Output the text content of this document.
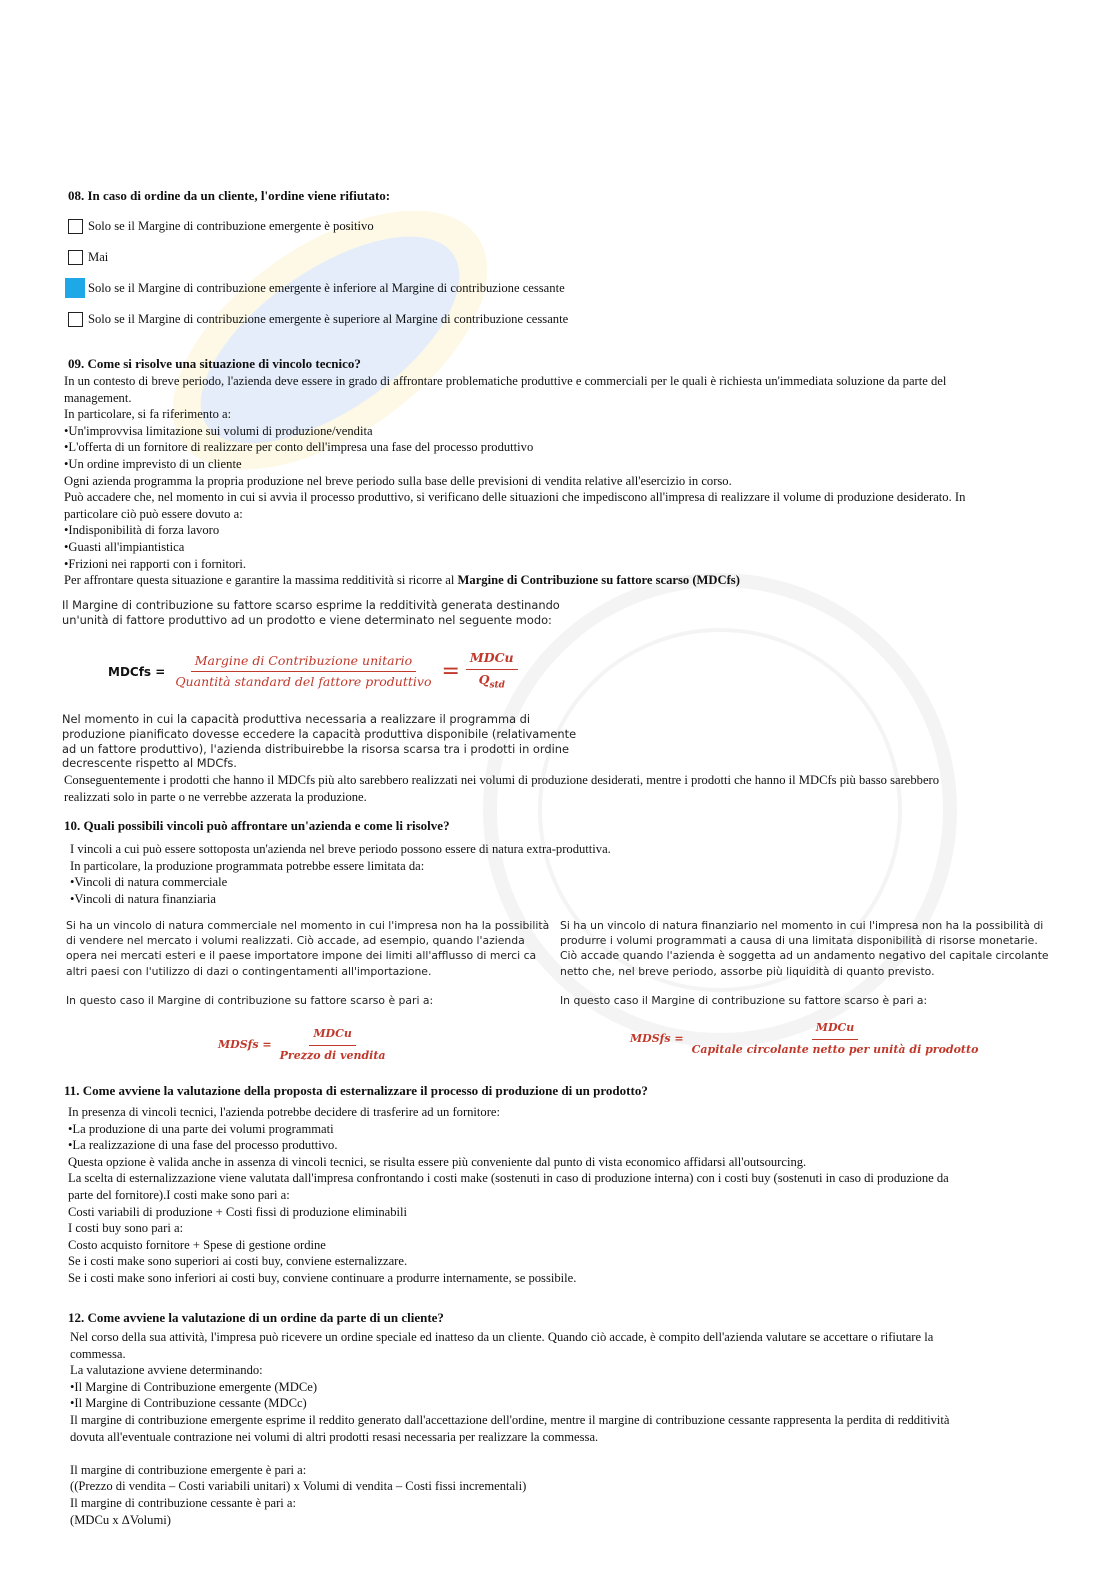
08. In caso di ordine da un cliente, l'ordine viene rifiutato:
Solo se il Margine di contribuzione emergente è positivo
Mai
Solo se il Margine di contribuzione emergente è inferiore al Margine di contribuzione cessante
Solo se il Margine di contribuzione emergente è superiore al Margine di contribuzione cessante
09. Come si risolve una situazione di vincolo tecnico?
In un contesto di breve periodo, l'azienda deve essere in grado di affrontare problematiche produttive e commerciali per le quali è richiesta un'immediata soluzione da parte del
management.
In particolare, si fa riferimento a:
•Un'improvvisa limitazione sui volumi di produzione/vendita
•L'offerta di un fornitore di realizzare per conto dell'impresa una fase del processo produttivo
•Un ordine imprevisto di un cliente
Ogni azienda programma la propria produzione nel breve periodo sulla base delle previsioni di vendita relative all'esercizio in corso.
Può accadere che, nel momento in cui si avvia il processo produttivo, si verificano delle situazioni che impediscono all'impresa di realizzare il volume di produzione desiderato. In
particolare ciò può essere dovuto a:
•Indisponibilità di forza lavoro
•Guasti all'impiantistica
•Frizioni nei rapporti con i fornitori.
Per affrontare questa situazione e garantire la massima redditività si ricorre al Margine di Contribuzione su fattore scarso (MDCfs)
Il Margine di contribuzione su fattore scarso esprime la redditività generata destinando
un'unità di fattore produttivo ad un prodotto e viene determinato nel seguente modo:
MDCfs = $\frac{\text{Margine di Contribuzione unitario}}{\text{Quantità standard del fattore produttivo}} = \frac{\text{MDCu}}{Q_{std}}$
Nel momento in cui la capacità produttiva necessaria a realizzare il programma di
produzione pianificato dovesse eccedere la capacità produttiva disponibile (relativamente
ad un fattore produttivo), l'azienda distribuirebbe la risorsa scarsa tra i prodotti in ordine
decrescente rispetto al MDCfs.
Conseguentemente i prodotti che hanno il MDCfs più alto sarebbero realizzati nei volumi di produzione desiderati, mentre i prodotti che hanno il MDCfs più basso sarebbero
realizzati solo in parte o ne verrebbe azzerata la produzione.
10. Quali possibili vincoli può affrontare un'azienda e come li risolve?
I vincoli a cui può essere sottoposta un'azienda nel breve periodo possono essere di natura extra-produttiva.
In particolare, la produzione programmata potrebbe essere limitata da:
•Vincoli di natura commerciale
•Vincoli di natura finanziaria
Si ha un vincolo di natura commerciale nel momento in cui l'impresa non ha la possibilità
di vendere nel mercato i volumi realizzati. Ciò accade, ad esempio, quando l'azienda
opera nei mercati esteri e il paese importatore impone dei limiti all'afflusso di merci ca
altri paesi con l'utilizzo di dazi o contingentamenti all'importazione.
In questo caso il Margine di contribuzione su fattore scarso è pari a:
MDSfs = $\frac{\text{MDCu}}{\text{Prezzo di vendita}}$
Si ha un vincolo di natura finanziario nel momento in cui l'impresa non ha la possibilità di
produrre i volumi programmati a causa di una limitata disponibilità di risorse monetarie.
Ciò accade quando l'azienda è soggetta ad un andamento negativo del capitale circolante
netto che, nel breve periodo, assorbe più liquidità di quanto previsto.
In questo caso il Margine di contribuzione su fattore scarso è pari a:
MDSfs = $\frac{\text{MDCu}}{\text{Capitale circolante netto per unità di prodotto}}$
11. Come avviene la valutazione della proposta di esternalizzare il processo di produzione di un prodotto?
In presenza di vincoli tecnici, l'azienda potrebbe decidere di trasferire ad un fornitore:
•La produzione di una parte dei volumi programmati
•La realizzazione di una fase del processo produttivo.
Questa opzione è valida anche in assenza di vincoli tecnici, se risulta essere più conveniente dal punto di vista economico affidarsi all'outsourcing.
La scelta di esternalizzazione viene valutata dall'impresa confrontando i costi make (sostenuti in caso di produzione interna) con i costi buy (sostenuti in caso di produzione da
parte del fornitore).I costi make sono pari a:
Costi variabili di produzione + Costi fissi di produzione eliminabili
I costi buy sono pari a:
Costo acquisto fornitore + Spese di gestione ordine
Se i costi make sono superiori ai costi buy, conviene esternalizzare.
Se i costi make sono inferiori ai costi buy, conviene continuare a produrre internamente, se possibile.
12. Come avviene la valutazione di un ordine da parte di un cliente?
Nel corso della sua attività, l'impresa può ricevere un ordine speciale ed inatteso da un cliente. Quando ciò accade, è compito dell'azienda valutare se accettare o rifiutare la
commessa.
La valutazione avviene determinando:
•Il Margine di Contribuzione emergente (MDCe)
•Il Margine di Contribuzione cessante (MDCc)
Il margine di contribuzione emergente esprime il reddito generato dall'accettazione dell'ordine, mentre il margine di contribuzione cessante rappresenta la perdita di redditività
dovuta all'eventuale contrazione nei volumi di altri prodotti resasi necessaria per realizzare la commessa.
Il margine di contribuzione emergente è pari a:
((Prezzo di vendita – Costi variabili unitari) x Volumi di vendita – Costi fissi incrementali)
Il margine di contribuzione cessante è pari a:
(MDCu x ΔVolumi)
